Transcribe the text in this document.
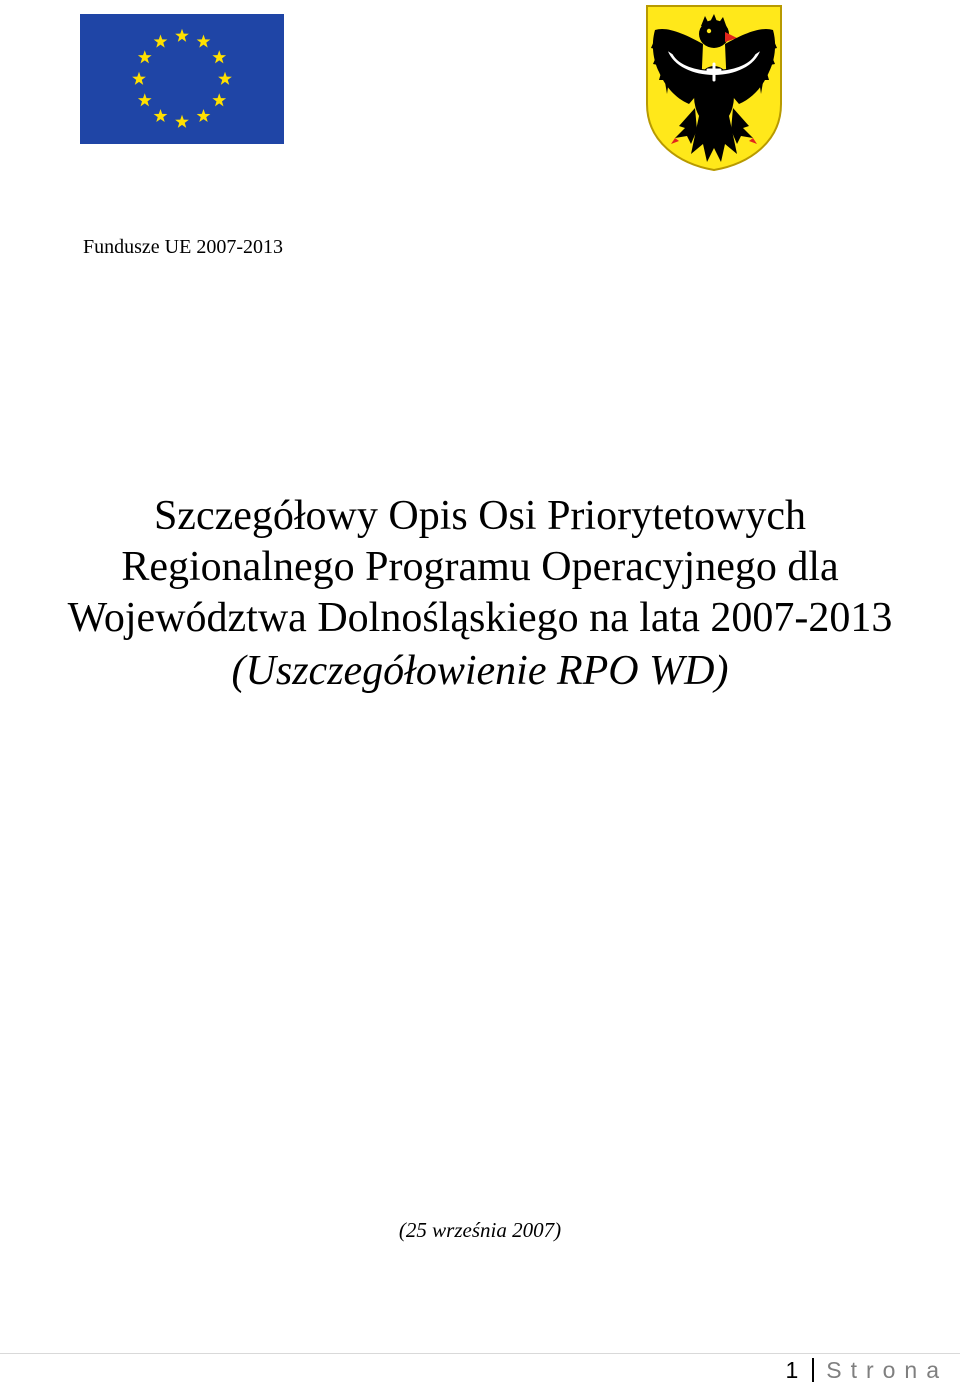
Fundusze UE 2007-2013
Szczegółowy Opis Osi Priorytetowych
Regionalnego Programu Operacyjnego dla
Województwa Dolnośląskiego na lata 2007-2013
(Uszczegółowienie RPO WD)
(25 września 2007)
1 Strona
